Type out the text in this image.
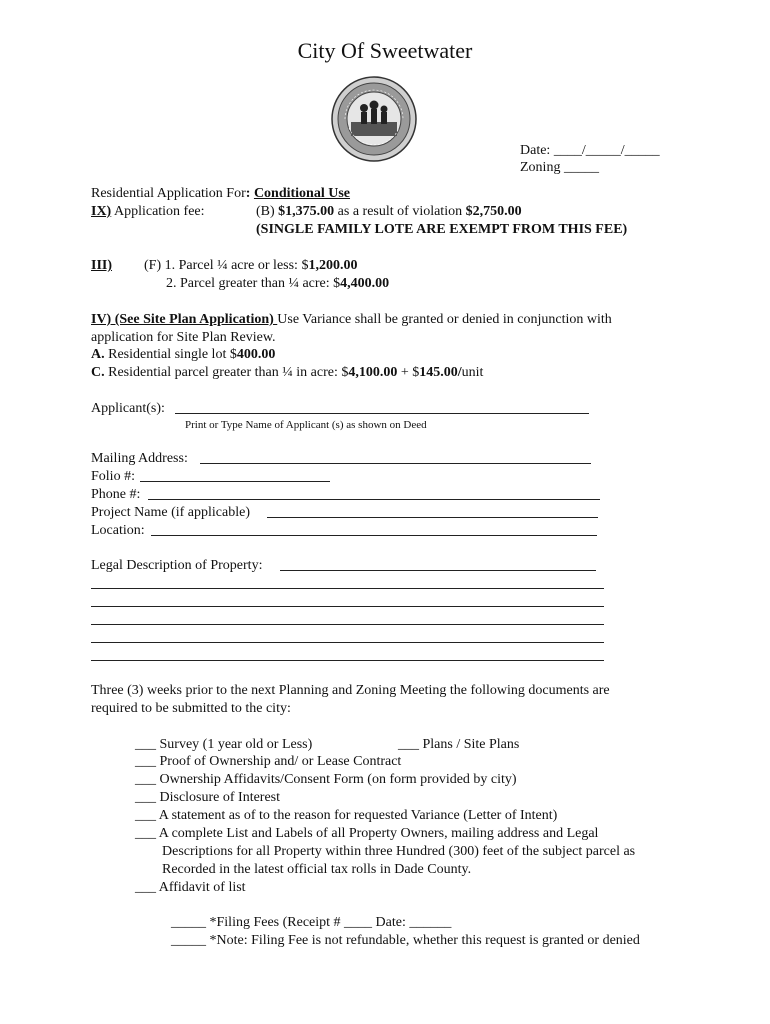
City Of Sweetwater
Date: ____/_____/_____
Zoning _____
Residential Application For: Conditional Use
IX) Application fee:	(B) $1,375.00 as a result of violation $2,750.00
(SINGLE FAMILY LOTE ARE EXEMPT FROM THIS FEE)
III) (F) 1. Parcel ¼ acre or less: $1,200.00
2. Parcel greater than ¼ acre: $4,400.00
IV) (See Site Plan Application) Use Variance shall be granted or denied in conjunction with
application for Site Plan Review.
A. Residential single lot $400.00
C. Residential parcel greater than ¼ in acre: $4,100.00 + $145.00/unit
Applicant(s):
Print or Type Name of Applicant (s) as shown on Deed
Mailing Address:
Folio #:
Phone #:
Project Name (if applicable)
Location:
Legal Description of Property:
Three (3) weeks prior to the next Planning and Zoning Meeting the following documents are
required to be submitted to the city:
___ Survey (1 year old or Less)	___ Plans / Site Plans
___ Proof of Ownership and/ or Lease Contract
___ Ownership Affidavits/Consent Form (on form provided by city)
___ Disclosure of Interest
___ A statement as of to the reason for requested Variance (Letter of Intent)
___ A complete List and Labels of all Property Owners, mailing address and Legal
Descriptions for all Property within three Hundred (300) feet of the subject parcel as
Recorded in the latest official tax rolls in Dade County.
___ Affidavit of list
_____ *Filing Fees (Receipt # ____ Date: ______
_____ *Note: Filing Fee is not refundable, whether this request is granted or denied
